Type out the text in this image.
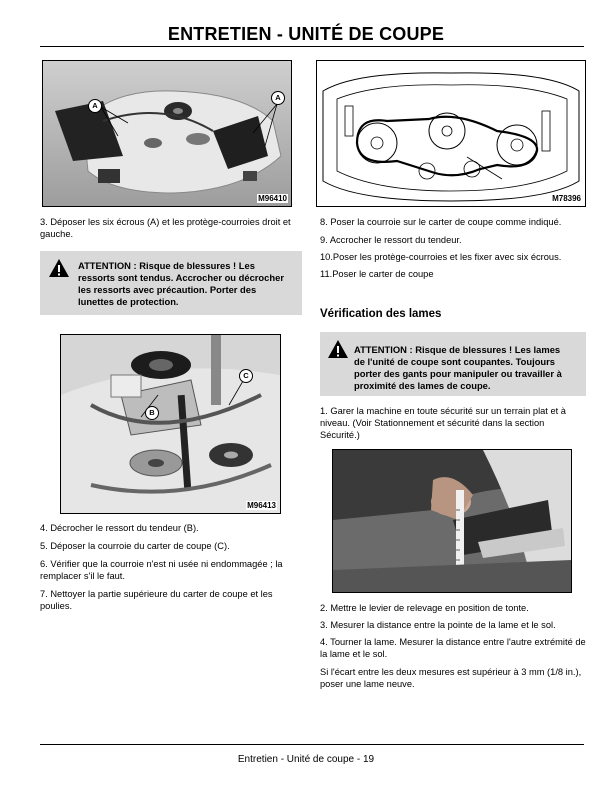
ENTRETIEN - UNITÉ DE COUPE
A
A
M96410	M78396
3. Déposer les six écrous (A) et les protège-courroies droit et gauche.
ATTENTION : Risque de blessures ! Les
ressorts sont tendus. Accrocher ou décrocher
les ressorts avec précaution. Porter des
lunettes de protection.
C
B
M96413
4. Décrocher le ressort du tendeur (B).
5. Déposer la courroie du carter de coupe (C).
6. Vérifier que la courroie n'est ni usée ni endommagée ; la remplacer s'il le faut.
7. Nettoyer la partie supérieure du carter de coupe et les poulies.
8. Poser la courroie sur le carter de coupe comme indiqué.
9. Accrocher le ressort du tendeur.
10.Poser les protège-courroies et les fixer avec six écrous.
11.Poser le carter de coupe
Vérification des lames
ATTENTION : Risque de blessures ! Les lames
de l'unité de coupe sont coupantes. Toujours
porter des gants pour manipuler ou travailler à
proximité des lames de coupe.
1. Garer la machine en toute sécurité sur un terrain plat et à niveau. (Voir Stationnement et sécurité dans la section Sécurité.)
2. Mettre le levier de relevage en position de tonte.
3. Mesurer la distance entre la pointe de la lame et le sol.
4. Tourner la lame. Mesurer la distance entre l'autre extrémité de la lame et le sol.
Si l'écart entre les deux mesures est supérieur à 3 mm (1/8 in.), poser une lame neuve.
Entretien - Unité de coupe - 19
